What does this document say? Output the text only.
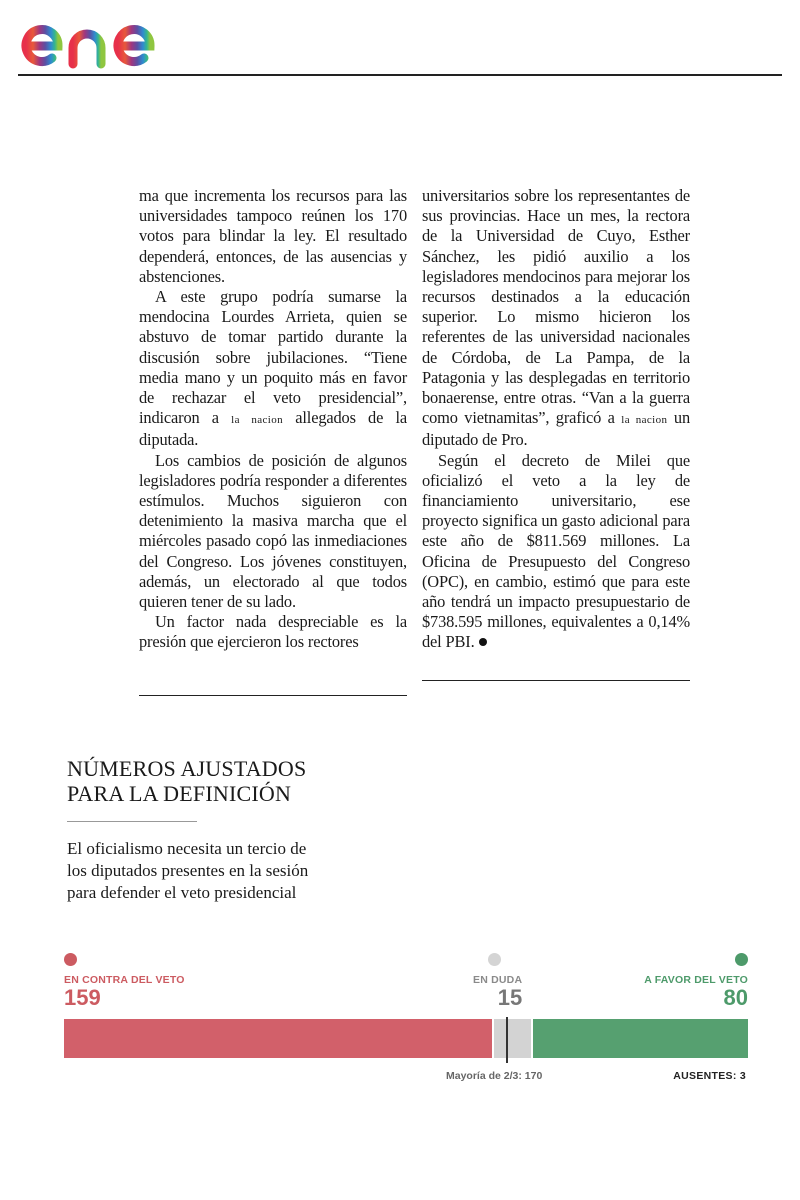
ma que incrementa los recursos para las universidades tampoco reúnen los 170 votos para blindar la ley. El resultado dependerá, entonces, de las ausencias y abstenciones.

A este grupo podría sumarse la mendocina Lourdes Arrieta, quien se abstuvo de tomar partido durante la discusión sobre jubilaciones. “Tiene media mano y un poquito más en favor de rechazar el veto presidencial”, indicaron a la nacion allegados de la diputada.

Los cambios de posición de algunos legisladores podría responder a diferentes estímulos. Muchos siguieron con detenimiento la masiva marcha que el miércoles pasado copó las inmediaciones del Congreso. Los jóvenes constituyen, además, un electorado al que todos quieren tener de su lado.

Un factor nada despreciable es la presión que ejercieron los rectores

universitarios sobre los representantes de sus provincias. Hace un mes, la rectora de la Universidad de Cuyo, Esther Sánchez, les pidió auxilio a los legisladores mendocinos para mejorar los recursos destinados a la educación superior. Lo mismo hicieron los referentes de las universidad nacionales de Córdoba, de La Pampa, de la Patagonia y las desplegadas en territorio bonaerense, entre otras. “Van a la guerra como vietnamitas”, graficó a la nacion un diputado de Pro.

Según el decreto de Milei que oficializó el veto a la ley de financiamiento universitario, ese proyecto significa un gasto adicional para este año de $811.569 millones. La Oficina de Presupuesto del Congreso (OPC), en cambio, estimó que para este año tendrá un impacto presupuestario de $738.595 millones, equivalentes a 0,14% del PBI.

NÚMEROS AJUSTADOS
PARA LA DEFINICIÓN
El oficialismo necesita un tercio de los diputados presentes en la sesión para defender el veto presidencial
EN CONTRA DEL VETO
159
EN DUDA
15
A FAVOR DEL VETO
80
Mayoría de 2/3: 170	AUSENTES: 3
